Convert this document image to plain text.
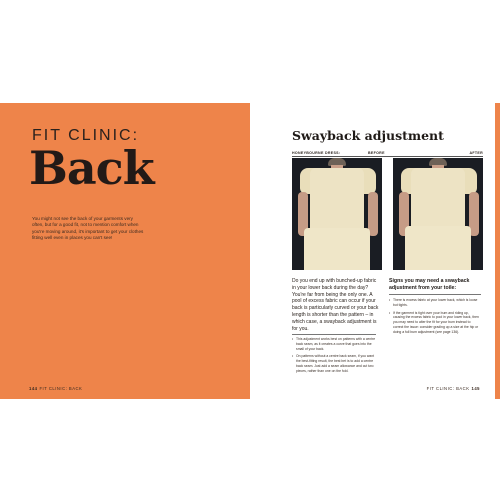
FIT CLINIC:
Back
You might not see the back of your garments very often, but for a good fit, not to mention comfort when you're moving around, it's important to get your clothes fitting well even in places you can't see!
144 FIT CLINIC: BACK
Swayback adjustment
HONEYBOURNE DRESS:	BEFORE	AFTER
Do you end up with bunched-up fabric in your lower back during the day? You're far from being the only one. A pool of excess fabric can occur if your back is particularly curved or your back length is shorter than the pattern – in which case, a swayback adjustment is for you.
• This adjustment works best on patterns with a centre back seam, as it creates a curve that goes into the small of your back.
• On patterns without a centre back seam, if you want the best-fitting result, the best bet is to add a centre back seam. Just add a seam allowance and cut two pieces, rather than one on the fold.
Signs you may need a swayback adjustment from your toile:
• There is excess fabric at your lower back, which is loose but tights.
• If the garment is tight over your bum and riding up, causing the excess fabric to pool in your lower back, then you may need to alter the fit for your bum instead to correct the issue: consider grading up a size at the hip or doing a full bum adjustment (see page 136).
FIT CLINIC: BACK 145
